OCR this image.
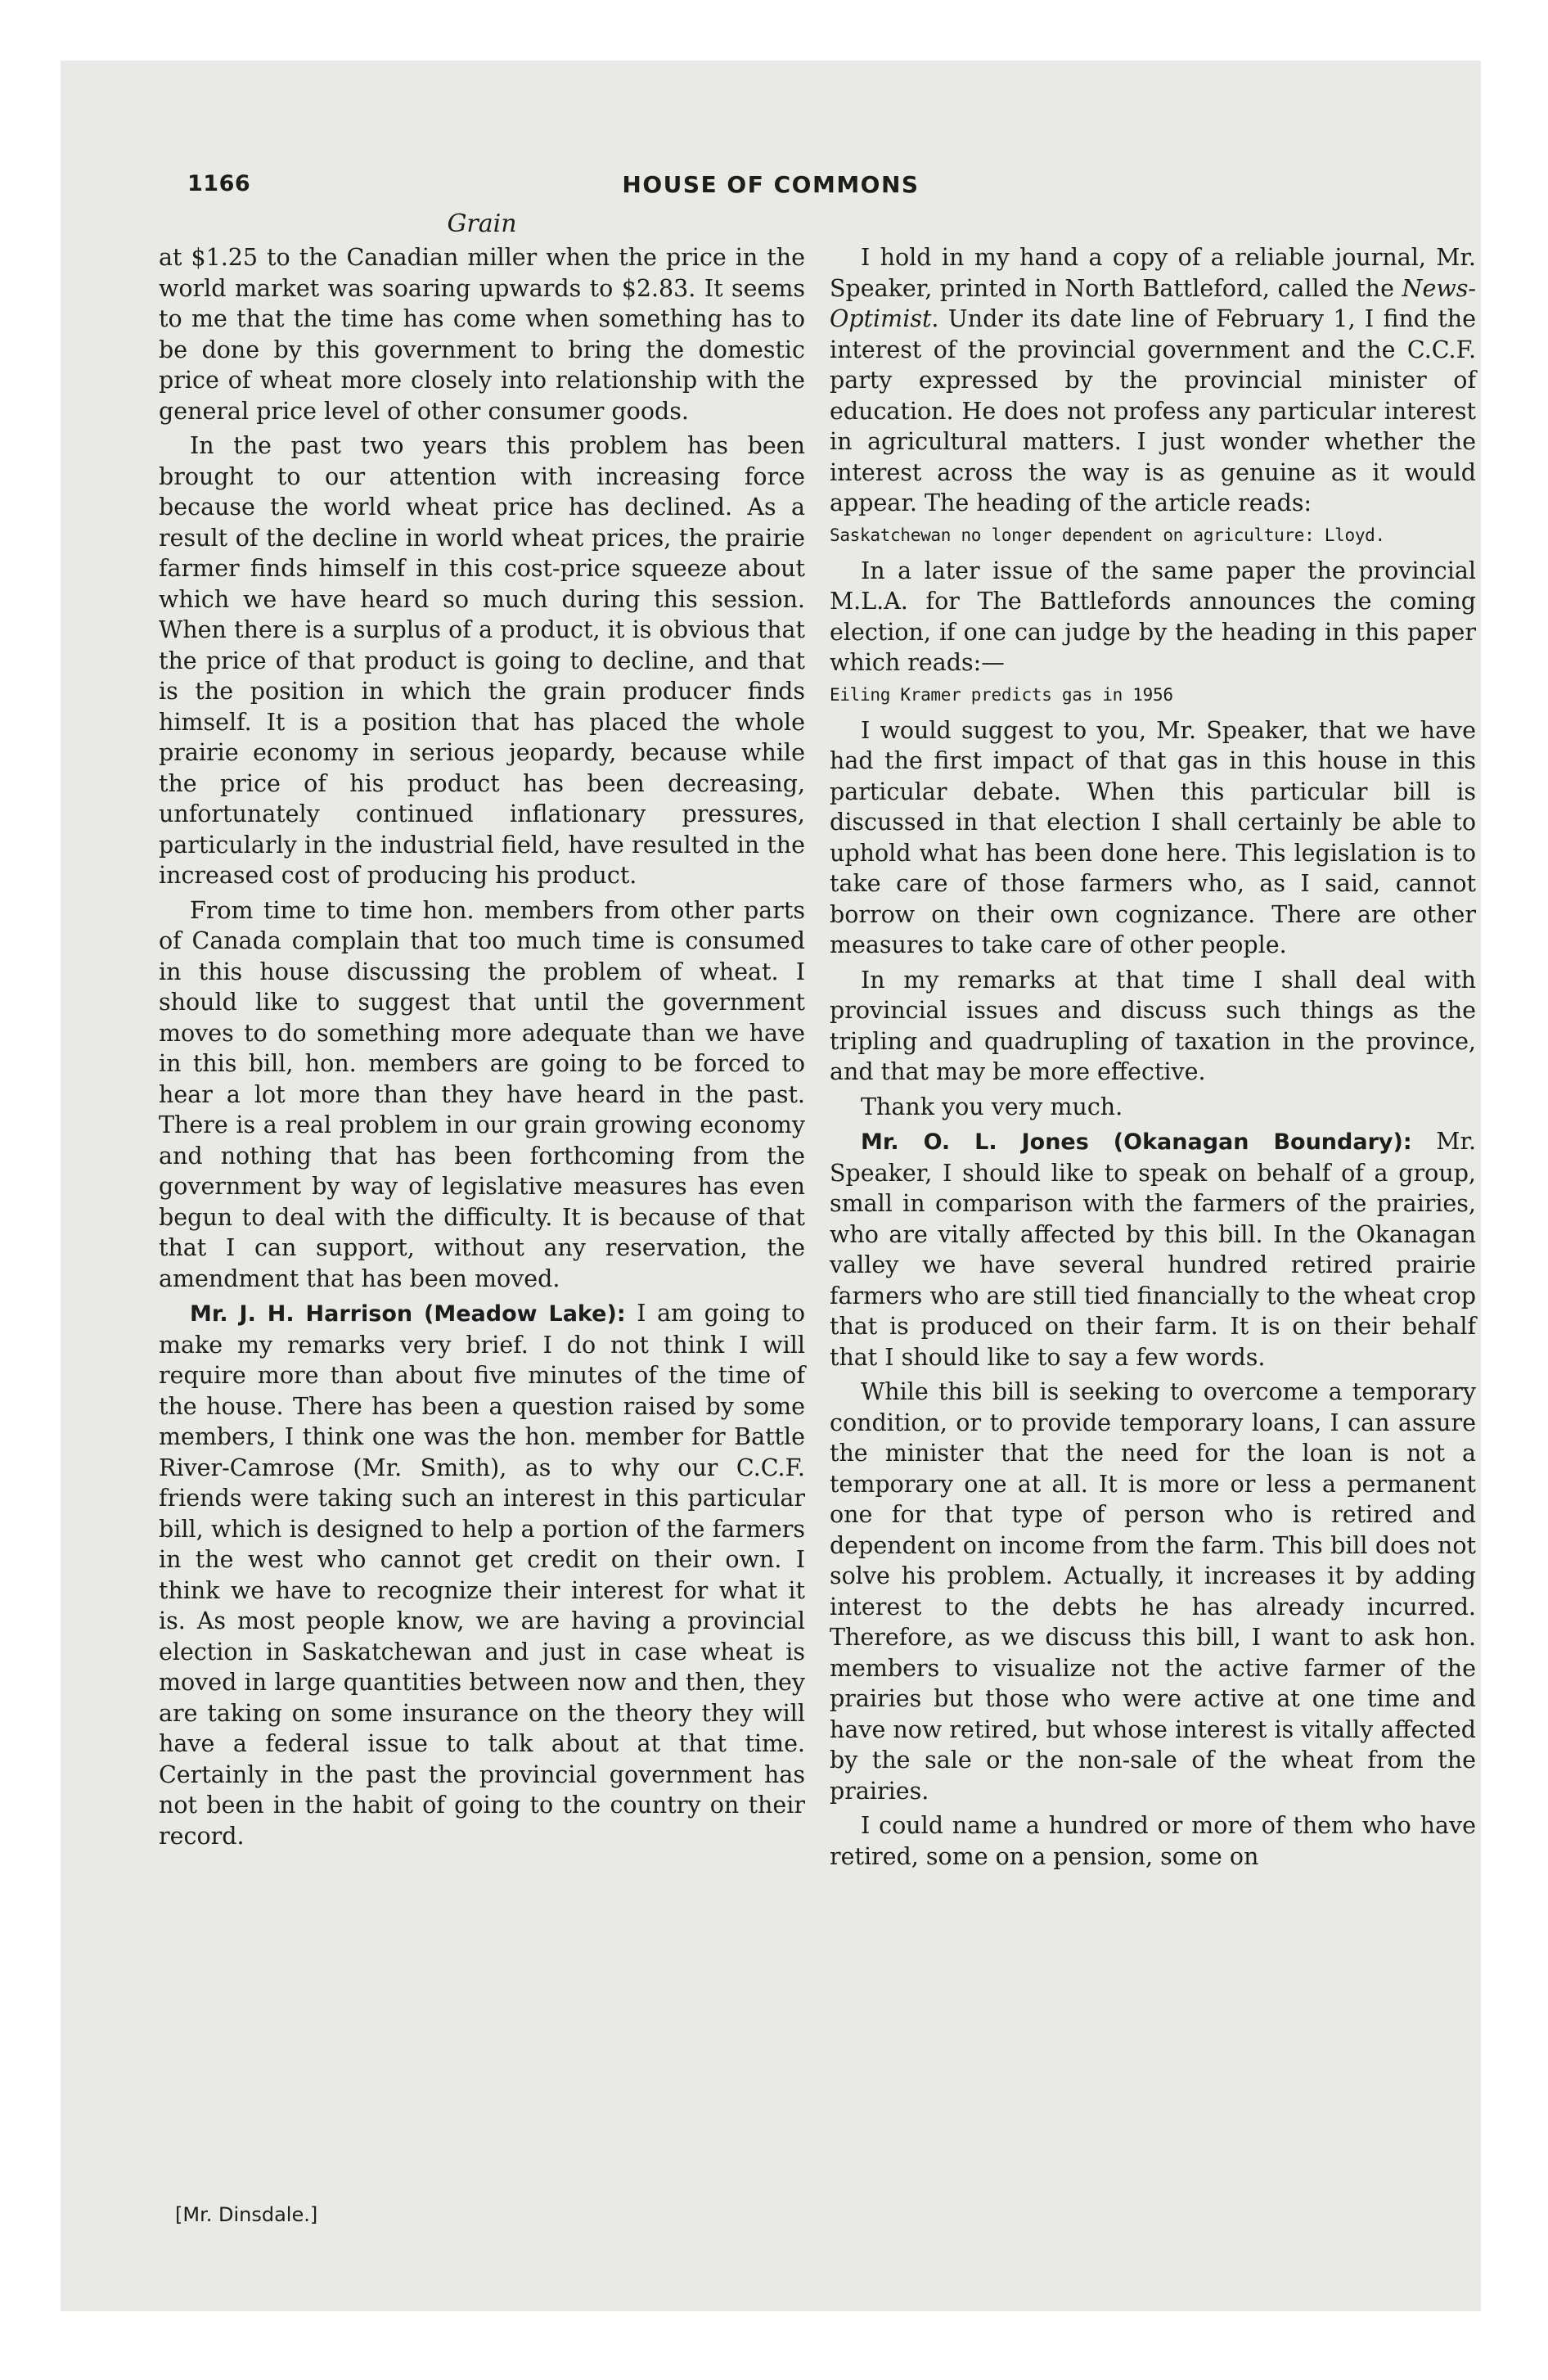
1166	HOUSE OF COMMONS
Grain

at $1.25 to the Canadian miller when the price in the world market was soaring upwards to $2.83. It seems to me that the time has come when something has to be done by this government to bring the domestic price of wheat more closely into relationship with the general price level of other consumer goods.

In the past two years this problem has been brought to our attention with increasing force because the world wheat price has declined. As a result of the decline in world wheat prices, the prairie farmer finds himself in this cost-price squeeze about which we have heard so much during this session. When there is a surplus of a product, it is obvious that the price of that product is going to decline, and that is the position in which the grain producer finds himself. It is a position that has placed the whole prairie economy in serious jeopardy, because while the price of his product has been decreasing, unfortunately continued inflationary pressures, particularly in the industrial field, have resulted in the increased cost of producing his product.

From time to time hon. members from other parts of Canada complain that too much time is consumed in this house discussing the problem of wheat. I should like to suggest that until the government moves to do something more adequate than we have in this bill, hon. members are going to be forced to hear a lot more than they have heard in the past. There is a real problem in our grain growing economy and nothing that has been forthcoming from the government by way of legislative measures has even begun to deal with the difficulty. It is because of that that I can support, without any reservation, the amendment that has been moved.

Mr. J. H. Harrison (Meadow Lake): I am going to make my remarks very brief. I do not think I will require more than about five minutes of the time of the house. There has been a question raised by some members, I think one was the hon. member for Battle River-Camrose (Mr. Smith), as to why our C.C.F. friends were taking such an interest in this particular bill, which is designed to help a portion of the farmers in the west who cannot get credit on their own. I think we have to recognize their interest for what it is. As most people know, we are having a provincial election in Saskatchewan and just in case wheat is moved in large quantities between now and then, they are taking on some insurance on the theory they will have a federal issue to talk about at that time. Certainly in the past the provincial government has not been in the habit of going to the country on their record.

[Mr. Dinsdale.]

I hold in my hand a copy of a reliable journal, Mr. Speaker, printed in North Battleford, called the News-Optimist. Under its date line of February 1, I find the interest of the provincial government and the C.C.F. party expressed by the provincial minister of education. He does not profess any particular interest in agricultural matters. I just wonder whether the interest across the way is as genuine as it would appear. The heading of the article reads:

Saskatchewan no longer dependent on agriculture: Lloyd.

In a later issue of the same paper the provincial M.L.A. for The Battlefords announces the coming election, if one can judge by the heading in this paper which reads:—

Eiling Kramer predicts gas in 1956

I would suggest to you, Mr. Speaker, that we have had the first impact of that gas in this house in this particular debate. When this particular bill is discussed in that election I shall certainly be able to uphold what has been done here. This legislation is to take care of those farmers who, as I said, cannot borrow on their own cognizance. There are other measures to take care of other people.

In my remarks at that time I shall deal with provincial issues and discuss such things as the tripling and quadrupling of taxation in the province, and that may be more effective.

Thank you very much.

Mr. O. L. Jones (Okanagan Boundary): Mr. Speaker, I should like to speak on behalf of a group, small in comparison with the farmers of the prairies, who are vitally affected by this bill. In the Okanagan valley we have several hundred retired prairie farmers who are still tied financially to the wheat crop that is produced on their farm. It is on their behalf that I should like to say a few words.

While this bill is seeking to overcome a temporary condition, or to provide temporary loans, I can assure the minister that the need for the loan is not a temporary one at all. It is more or less a permanent one for that type of person who is retired and dependent on income from the farm. This bill does not solve his problem. Actually, it increases it by adding interest to the debts he has already incurred. Therefore, as we discuss this bill, I want to ask hon. members to visualize not the active farmer of the prairies but those who were active at one time and have now retired, but whose interest is vitally affected by the sale or the non-sale of the wheat from the prairies.

I could name a hundred or more of them who have retired, some on a pension, some on
